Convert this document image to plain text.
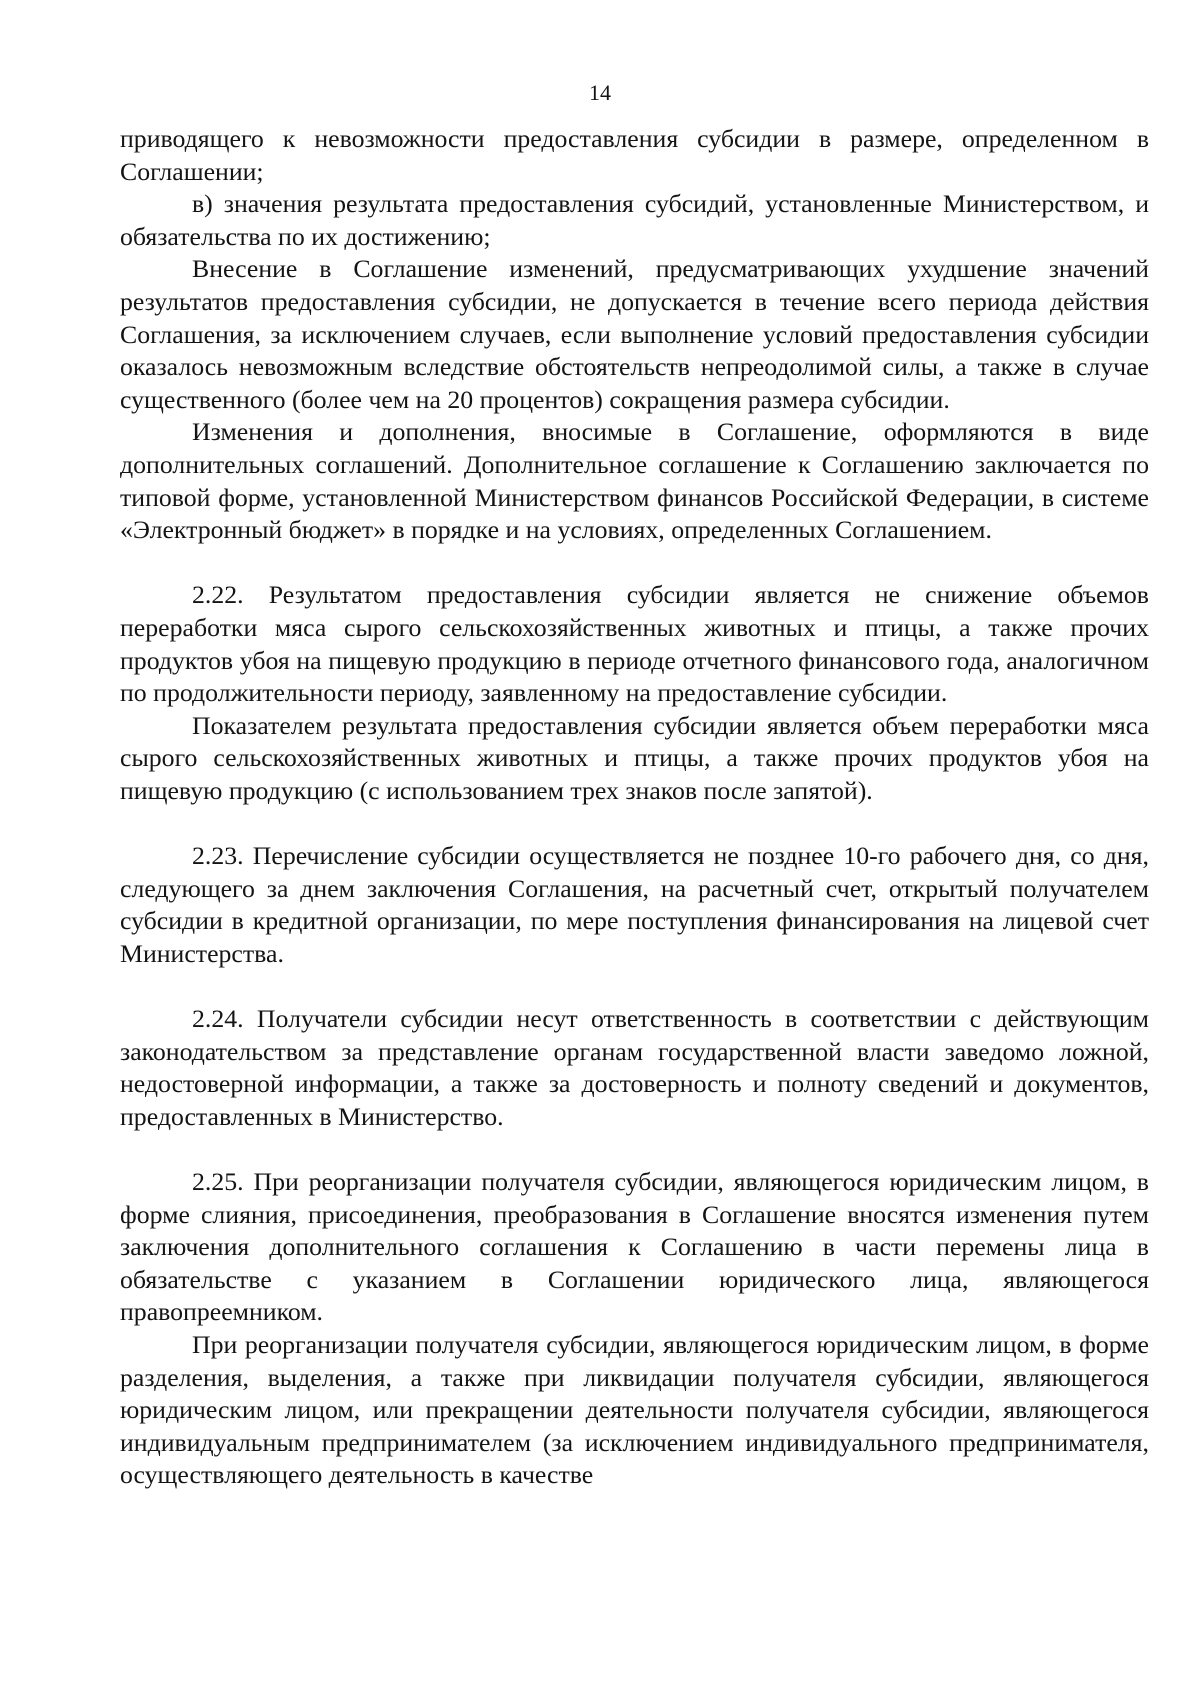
14

приводящего к невозможности предоставления субсидии в размере, определенном в Соглашении;

в) значения результата предоставления субсидий, установленные Министерством, и обязательства по их достижению;

Внесение в Соглашение изменений, предусматривающих ухудшение значений результатов предоставления субсидии, не допускается в течение всего периода действия Соглашения, за исключением случаев, если выполнение условий предоставления субсидии оказалось невозможным вследствие обстоятельств непреодолимой силы, а также в случае существенного (более чем на 20 процентов) сокращения размера субсидии.

Изменения и дополнения, вносимые в Соглашение, оформляются в виде дополнительных соглашений. Дополнительное соглашение к Соглашению заключается по типовой форме, установленной Министерством финансов Российской Федерации, в системе «Электронный бюджет» в порядке и на условиях, определенных Соглашением.

2.22. Результатом предоставления субсидии является не снижение объемов переработки мяса сырого сельскохозяйственных животных и птицы, а также прочих продуктов убоя на пищевую продукцию в периоде отчетного финансового года, аналогичном по продолжительности периоду, заявленному на предоставление субсидии.

Показателем результата предоставления субсидии является объем переработки мяса сырого сельскохозяйственных животных и птицы, а также прочих продуктов убоя на пищевую продукцию (с использованием трех знаков после запятой).

2.23. Перечисление субсидии осуществляется не позднее 10-го рабочего дня, со дня, следующего за днем заключения Соглашения, на расчетный счет, открытый получателем субсидии в кредитной организации, по мере поступления финансирования на лицевой счет Министерства.

2.24. Получатели субсидии несут ответственность в соответствии с действующим законодательством за представление органам государственной власти заведомо ложной, недостоверной информации, а также за достоверность и полноту сведений и документов, предоставленных в Министерство.

2.25. При реорганизации получателя субсидии, являющегося юридическим лицом, в форме слияния, присоединения, преобразования в Соглашение вносятся изменения путем заключения дополнительного соглашения к Соглашению в части перемены лица в обязательстве с указанием в Соглашении юридического лица, являющегося правопреемником.

При реорганизации получателя субсидии, являющегося юридическим лицом, в форме разделения, выделения, а также при ликвидации получателя субсидии, являющегося юридическим лицом, или прекращении деятельности получателя субсидии, являющегося индивидуальным предпринимателем (за исключением индивидуального предпринимателя, осуществляющего деятельность в качестве
